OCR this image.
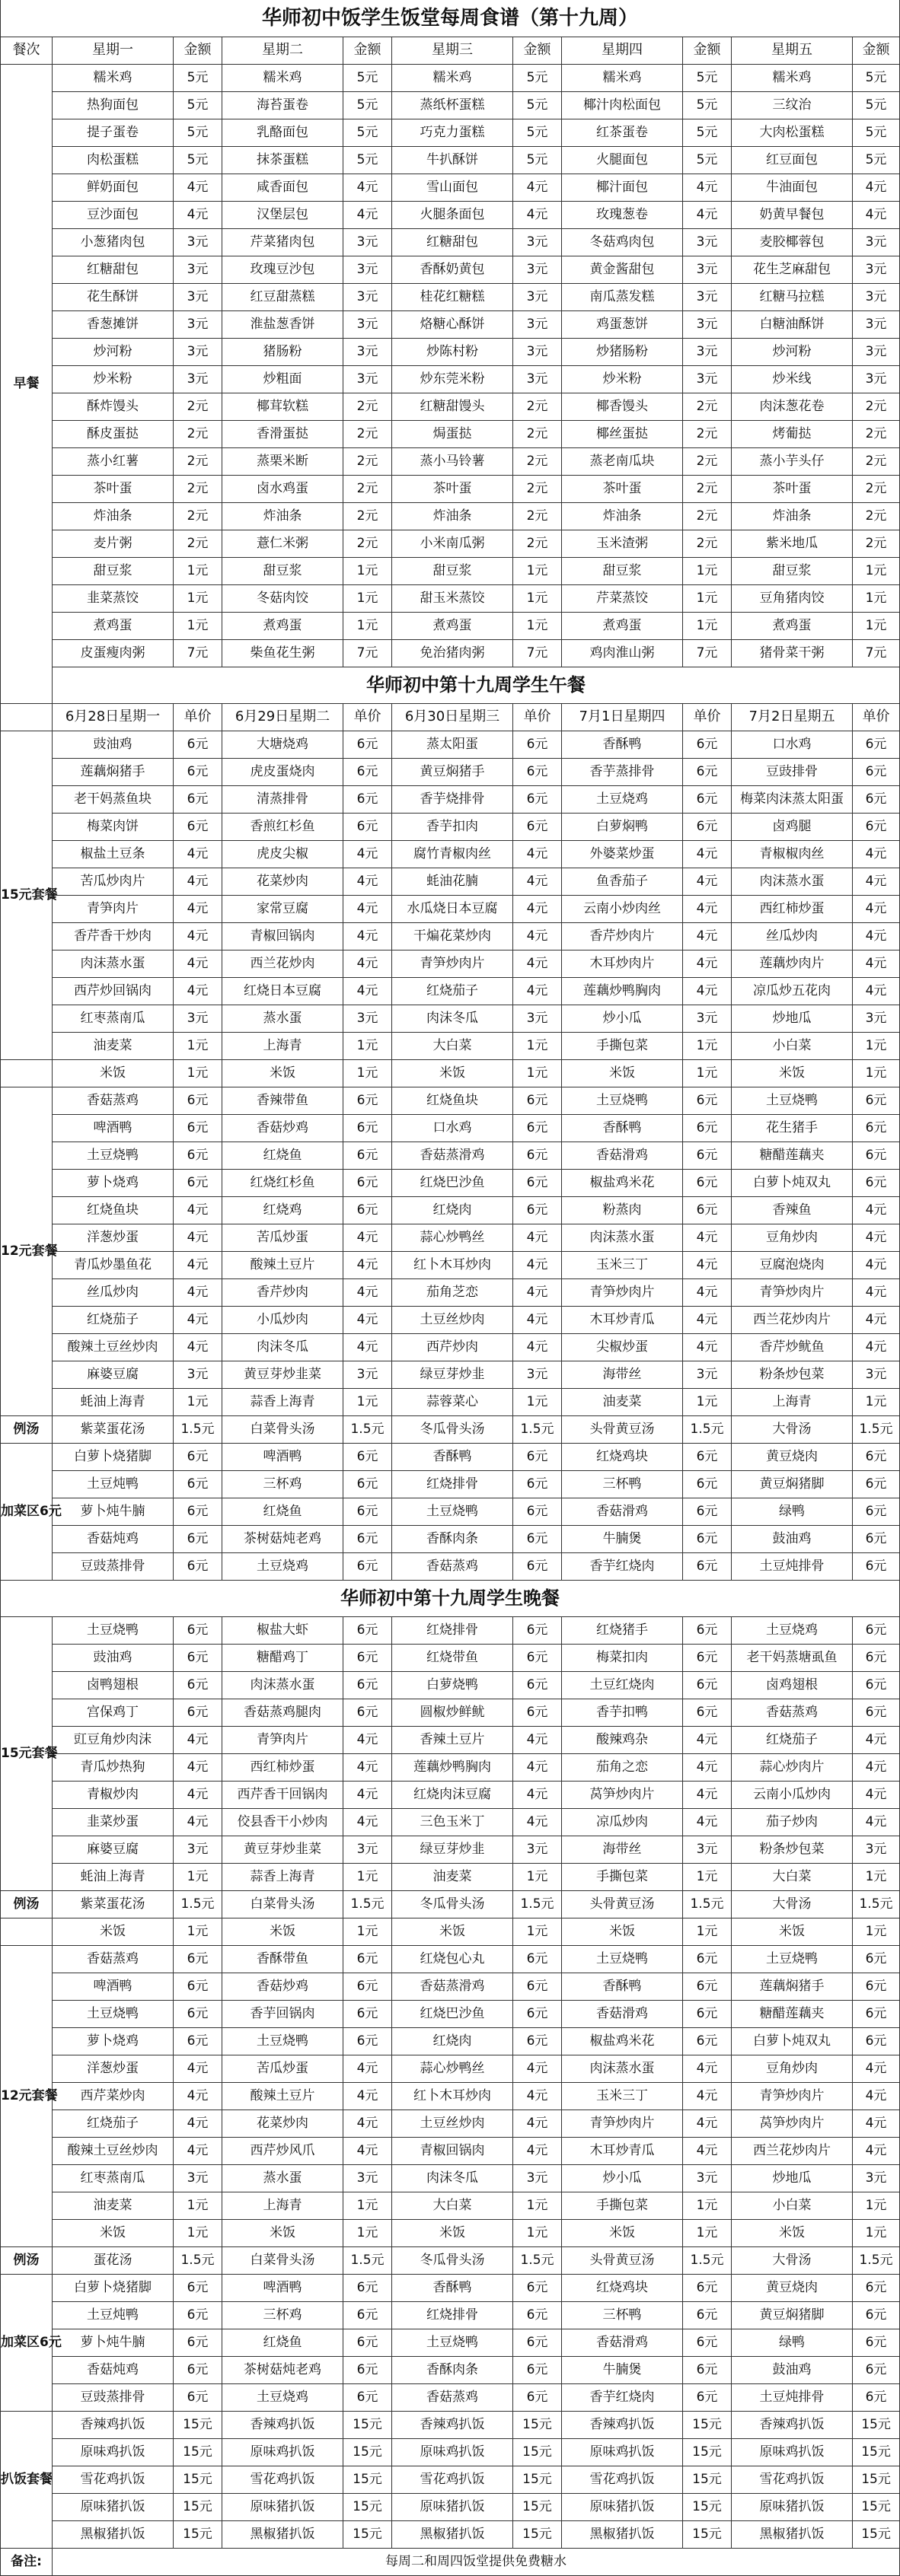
华师初中饭学生饭堂每周食谱（第十九周）										
餐次	星期一	金额	星期二	金额	星期三	金额	星期四	金额	星期五	金额
早餐	糯米鸡	5元	糯米鸡	5元	糯米鸡	5元	糯米鸡	5元	糯米鸡	5元
	热狗面包	5元	海苔蛋卷	5元	蒸纸杯蛋糕	5元	椰汁肉松面包	5元	三纹治	5元
	提子蛋卷	5元	乳酪面包	5元	巧克力蛋糕	5元	红茶蛋卷	5元	大肉松蛋糕	5元
	肉松蛋糕	5元	抹茶蛋糕	5元	牛扒酥饼	5元	火腿面包	5元	红豆面包	5元
	鲜奶面包	4元	咸香面包	4元	雪山面包	4元	椰汁面包	4元	牛油面包	4元
	豆沙面包	4元	汉堡层包	4元	火腿条面包	4元	玫瑰葱卷	4元	奶黄早餐包	4元
	小葱猪肉包	3元	芹菜猪肉包	3元	红糖甜包	3元	冬菇鸡肉包	3元	麦胶椰蓉包	3元
	红糖甜包	3元	玫瑰豆沙包	3元	香酥奶黄包	3元	黄金酱甜包	3元	花生芝麻甜包	3元
	花生酥饼	3元	红豆甜蒸糕	3元	桂花红糖糕	3元	南瓜蒸发糕	3元	红糖马拉糕	3元
	香葱摊饼	3元	淮盐葱香饼	3元	烙糖心酥饼	3元	鸡蛋葱饼	3元	白糖油酥饼	3元
	炒河粉	3元	猪肠粉	3元	炒陈村粉	3元	炒猪肠粉	3元	炒河粉	3元
	炒米粉	3元	炒粗面	3元	炒东莞米粉	3元	炒米粉	3元	炒米线	3元
	酥炸馒头	2元	椰茸软糕	2元	红糖甜馒头	2元	椰香馒头	2元	肉沫葱花卷	2元
	酥皮蛋挞	2元	香滑蛋挞	2元	焗蛋挞	2元	椰丝蛋挞	2元	烤葡挞	2元
	蒸小红薯	2元	蒸栗米断	2元	蒸小马铃薯	2元	蒸老南瓜块	2元	蒸小芋头仔	2元
	茶叶蛋	2元	卤水鸡蛋	2元	茶叶蛋	2元	茶叶蛋	2元	茶叶蛋	2元
	炸油条	2元	炸油条	2元	炸油条	2元	炸油条	2元	炸油条	2元
	麦片粥	2元	薏仁米粥	2元	小米南瓜粥	2元	玉米渣粥	2元	紫米地瓜	2元
	甜豆浆	1元	甜豆浆	1元	甜豆浆	1元	甜豆浆	1元	甜豆浆	1元
	韭菜蒸饺	1元	冬菇肉饺	1元	甜玉米蒸饺	1元	芹菜蒸饺	1元	豆角猪肉饺	1元
	煮鸡蛋	1元	煮鸡蛋	1元	煮鸡蛋	1元	煮鸡蛋	1元	煮鸡蛋	1元
	皮蛋瘦肉粥	7元	柴鱼花生粥	7元	免治猪肉粥	7元	鸡肉淮山粥	7元	猪骨菜干粥	7元
	华师初中第十九周学生午餐									
	6月28日星期一	单价	6月29日星期二	单价	6月30日星期三	单价	7月1日星期四	单价	7月2日星期五	单价
15元套餐	豉油鸡	6元	大塘烧鸡	6元	蒸太阳蛋	6元	香酥鸭	6元	口水鸡	6元
	莲藕焖猪手	6元	虎皮蛋烧肉	6元	黄豆焖猪手	6元	香芋蒸排骨	6元	豆豉排骨	6元
	老干妈蒸鱼块	6元	清蒸排骨	6元	香芋烧排骨	6元	土豆烧鸡	6元	梅菜肉沫蒸太阳蛋	6元
	梅菜肉饼	6元	香煎红杉鱼	6元	香芋扣肉	6元	白萝焖鸭	6元	卤鸡腿	6元
	椒盐土豆条	4元	虎皮尖椒	4元	腐竹青椒肉丝	4元	外婆菜炒蛋	4元	青椒椒肉丝	4元
	苦瓜炒肉片	4元	花菜炒肉	4元	蚝油花腩	4元	鱼香茄子	4元	肉沫蒸水蛋	4元
	青笋肉片	4元	家常豆腐	4元	水瓜烧日本豆腐	4元	云南小炒肉丝	4元	西红柿炒蛋	4元
	香芹香干炒肉	4元	青椒回锅肉	4元	干煸花菜炒肉	4元	香芹炒肉片	4元	丝瓜炒肉	4元
	肉沫蒸水蛋	4元	西兰花炒肉	4元	青笋炒肉片	4元	木耳炒肉片	4元	莲藕炒肉片	4元
	西芹炒回锅肉	4元	红烧日本豆腐	4元	红烧茄子	4元	莲藕炒鸭胸肉	4元	凉瓜炒五花肉	4元
	红枣蒸南瓜	3元	蒸水蛋	3元	肉沫冬瓜	3元	炒小瓜	3元	炒地瓜	3元
	油麦菜	1元	上海青	1元	大白菜	1元	手撕包菜	1元	小白菜	1元
	米饭	1元	米饭	1元	米饭	1元	米饭	1元	米饭	1元
12元套餐	香菇蒸鸡	6元	香辣带鱼	6元	红烧鱼块	6元	土豆烧鸭	6元	土豆烧鸭	6元
	啤酒鸭	6元	香菇炒鸡	6元	口水鸡	6元	香酥鸭	6元	花生猪手	6元
	土豆烧鸭	6元	红烧鱼	6元	香菇蒸滑鸡	6元	香菇滑鸡	6元	糖醋莲藕夹	6元
	萝卜烧鸡	6元	红烧红杉鱼	6元	红烧巴沙鱼	6元	椒盐鸡米花	6元	白萝卜炖双丸	6元
	红烧鱼块	4元	红烧鸡	6元	红烧肉	6元	粉蒸肉	6元	香辣鱼	4元
	洋葱炒蛋	4元	苦瓜炒蛋	4元	蒜心炒鸭丝	4元	肉沫蒸水蛋	4元	豆角炒肉	4元
	青瓜炒墨鱼花	4元	酸辣土豆片	4元	红卜木耳炒肉	4元	玉米三丁	4元	豆腐泡烧肉	4元
	丝瓜炒肉	4元	香芹炒肉	4元	茄角芝恋	4元	青笋炒肉片	4元	青笋炒肉片	4元
	红烧茄子	4元	小瓜炒肉	4元	土豆丝炒肉	4元	木耳炒青瓜	4元	西兰花炒肉片	4元
	酸辣土豆丝炒肉	4元	肉沫冬瓜	4元	西芹炒肉	4元	尖椒炒蛋	4元	香芹炒鱿鱼	4元
	麻婆豆腐	3元	黄豆芽炒韭菜	3元	绿豆芽炒韭	3元	海带丝	3元	粉条炒包菜	3元
	蚝油上海青	1元	蒜香上海青	1元	蒜蓉菜心	1元	油麦菜	1元	上海青	1元
例汤	紫菜蛋花汤	1.5元	白菜骨头汤	1.5元	冬瓜骨头汤	1.5元	头骨黄豆汤	1.5元	大骨汤	1.5元
加菜区6元	白萝卜烧猪脚	6元	啤酒鸭	6元	香酥鸭	6元	红烧鸡块	6元	黄豆烧肉	6元
	土豆炖鸭	6元	三杯鸡	6元	红烧排骨	6元	三杯鸭	6元	黄豆焖猪脚	6元
	萝卜炖牛腩	6元	红烧鱼	6元	土豆烧鸭	6元	香菇滑鸡	6元	绿鸭	6元
	香菇炖鸡	6元	茶树菇炖老鸡	6元	香酥肉条	6元	牛腩煲	6元	鼓油鸡	6元
	豆豉蒸排骨	6元	土豆烧鸡	6元	香菇蒸鸡	6元	香芋红烧肉	6元	土豆炖排骨	6元
华师初中第十九周学生晚餐										
15元套餐	土豆烧鸭	6元	椒盐大虾	6元	红烧排骨	6元	红烧猪手	6元	土豆烧鸡	6元
	豉油鸡	6元	糖醋鸡丁	6元	红烧带鱼	6元	梅菜扣肉	6元	老干妈蒸塘虱鱼	6元
	卤鸭翅根	6元	肉沫蒸水蛋	6元	白萝烧鸭	6元	土豆红烧肉	6元	卤鸡翅根	6元
	宫保鸡丁	6元	香菇蒸鸡腿肉	6元	圆椒炒鲜鱿	6元	香芋扣鸭	6元	香菇蒸鸡	6元
	豇豆角炒肉沫	4元	青笋肉片	4元	香辣土豆片	4元	酸辣鸡杂	4元	红烧茄子	4元
	青瓜炒热狗	4元	西红柿炒蛋	4元	莲藕炒鸭胸肉	4元	茄角之恋	4元	蒜心炒肉片	4元
	青椒炒肉	4元	西芹香干回锅肉	4元	红烧肉沫豆腐	4元	莴笋炒肉片	4元	云南小瓜炒肉	4元
	韭菜炒蛋	4元	佼县香干小炒肉	4元	三色玉米丁	4元	凉瓜炒肉	4元	茄子炒肉	4元
	麻婆豆腐	3元	黄豆芽炒韭菜	3元	绿豆芽炒韭	3元	海带丝	3元	粉条炒包菜	3元
	蚝油上海青	1元	蒜香上海青	1元	油麦菜	1元	手撕包菜	1元	大白菜	1元
例汤	紫菜蛋花汤	1.5元	白菜骨头汤	1.5元	冬瓜骨头汤	1.5元	头骨黄豆汤	1.5元	大骨汤	1.5元
	米饭	1元	米饭	1元	米饭	1元	米饭	1元	米饭	1元
12元套餐	香菇蒸鸡	6元	香酥带鱼	6元	红烧包心丸	6元	土豆烧鸭	6元	土豆烧鸭	6元
	啤酒鸭	6元	香菇炒鸡	6元	香菇蒸滑鸡	6元	香酥鸭	6元	莲藕焖猪手	6元
	土豆烧鸭	6元	香芋回锅肉	6元	红烧巴沙鱼	6元	香菇滑鸡	6元	糖醋莲藕夹	6元
	萝卜烧鸡	6元	土豆烧鸭	6元	红烧肉	6元	椒盐鸡米花	6元	白萝卜炖双丸	6元
	洋葱炒蛋	4元	苦瓜炒蛋	4元	蒜心炒鸭丝	4元	肉沫蒸水蛋	4元	豆角炒肉	4元
	西芹菜炒肉	4元	酸辣土豆片	4元	红卜木耳炒肉	4元	玉米三丁	4元	青笋炒肉片	4元
	红烧茄子	4元	花菜炒肉	4元	土豆丝炒肉	4元	青笋炒肉片	4元	莴笋炒肉片	4元
	酸辣土豆丝炒肉	4元	西芹炒风爪	4元	青椒回锅肉	4元	木耳炒青瓜	4元	西兰花炒肉片	4元
	红枣蒸南瓜	3元	蒸水蛋	3元	肉沫冬瓜	3元	炒小瓜	3元	炒地瓜	3元
	油麦菜	1元	上海青	1元	大白菜	1元	手撕包菜	1元	小白菜	1元
	米饭	1元	米饭	1元	米饭	1元	米饭	1元	米饭	1元
例汤	蛋花汤	1.5元	白菜骨头汤	1.5元	冬瓜骨头汤	1.5元	头骨黄豆汤	1.5元	大骨汤	1.5元
加菜区6元	白萝卜烧猪脚	6元	啤酒鸭	6元	香酥鸭	6元	红烧鸡块	6元	黄豆烧肉	6元
	土豆炖鸭	6元	三杯鸡	6元	红烧排骨	6元	三杯鸭	6元	黄豆焖猪脚	6元
	萝卜炖牛腩	6元	红烧鱼	6元	土豆烧鸭	6元	香菇滑鸡	6元	绿鸭	6元
	香菇炖鸡	6元	茶树菇炖老鸡	6元	香酥肉条	6元	牛腩煲	6元	鼓油鸡	6元
	豆豉蒸排骨	6元	土豆烧鸡	6元	香菇蒸鸡	6元	香芋红烧肉	6元	土豆炖排骨	6元
扒饭套餐	香辣鸡扒饭	15元	香辣鸡扒饭	15元	香辣鸡扒饭	15元	香辣鸡扒饭	15元	香辣鸡扒饭	15元
	原味鸡扒饭	15元	原味鸡扒饭	15元	原味鸡扒饭	15元	原味鸡扒饭	15元	原味鸡扒饭	15元
	雪花鸡扒饭	15元	雪花鸡扒饭	15元	雪花鸡扒饭	15元	雪花鸡扒饭	15元	雪花鸡扒饭	15元
	原味猪扒饭	15元	原味猪扒饭	15元	原味猪扒饭	15元	原味猪扒饭	15元	原味猪扒饭	15元
	黑椒猪扒饭	15元	黑椒猪扒饭	15元	黑椒猪扒饭	15元	黑椒猪扒饭	15元	黑椒猪扒饭	15元
备注:	每周二和周四饭堂提供免费糖水									
